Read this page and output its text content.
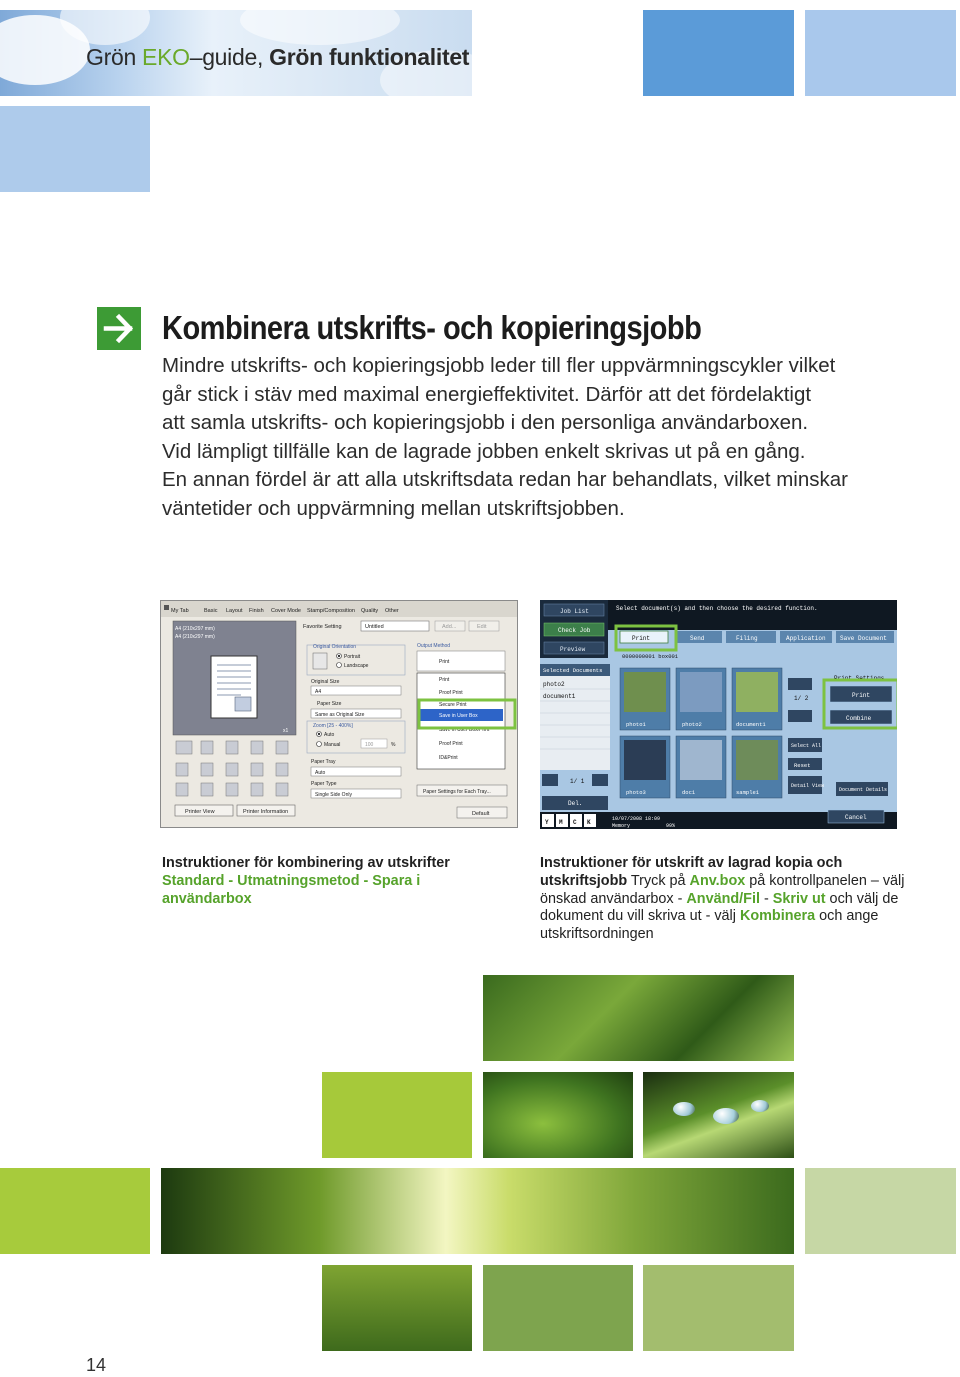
Grön EKO–guide, Grön funktionalitet
Kombinera utskrifts- och kopieringsjobb

Mindre utskrifts- och kopieringsjobb leder till fler uppvärmningscykler vilket

går stick i stäv med maximal energieffektivitet. Därför att det fördelaktigt

att samla utskrifts- och kopieringsjobb i den personliga användarboxen.

Vid lämpligt tillfälle kan de lagrade jobben enkelt skrivas ut på en gång.

En annan fördel är att alla utskriftsdata redan har behandlats, vilket minskar

väntetider och uppvärmning mellan utskriftsjobben.

My Tab	Basic Layout Finish Cover Mode Stamp/Composition Quality Other
A4 (210x297 mm)
A4 (210x297 mm)
x1
Printer View	Printer Information
Favorite Setting	Untitled	Add...	Edit
Original Orientation
Portrait
Landscape
Original Size
A4
Paper Size
Same as Original Size
Zoom [25 - 400%]
Auto
Manual	100	%
Paper Tray
Auto
Paper Type
Single Side Only
Output Method
Print
Print
Proof Print
Secure Print
Save in User Box/Print
Proof Print
ID&Print
Save in User Box
Paper Settings for Each Tray...
Default
Job List
Check Job
Preview
Select document(s) and then choose the desired function.
Print	Send	Filing	Application Save Document
0000000001 box001
Selected Documents
photo2
document1
1/ 1
Del.
photo1	photo2	document1
photo3	doc1	sample1
1/ 2
Select All
Reset
Detail View
Print Settings
Print
Combine
Document Details
10/07/2008 18:09
Memory	99%
Y M C K
Cancel
Instruktioner för kombinering av utskrifter
Standard - Utmatningsmetod - Spara i användarbox
Instruktioner för utskrift av lagrad kopia och utskriftsjobb Tryck på Anv.box på kontrollpanelen – välj önskad användarbox - Använd/Fil - Skriv ut och välj de dokument du vill skriva ut - välj Kombinera och ange utskriftsordningen
14
